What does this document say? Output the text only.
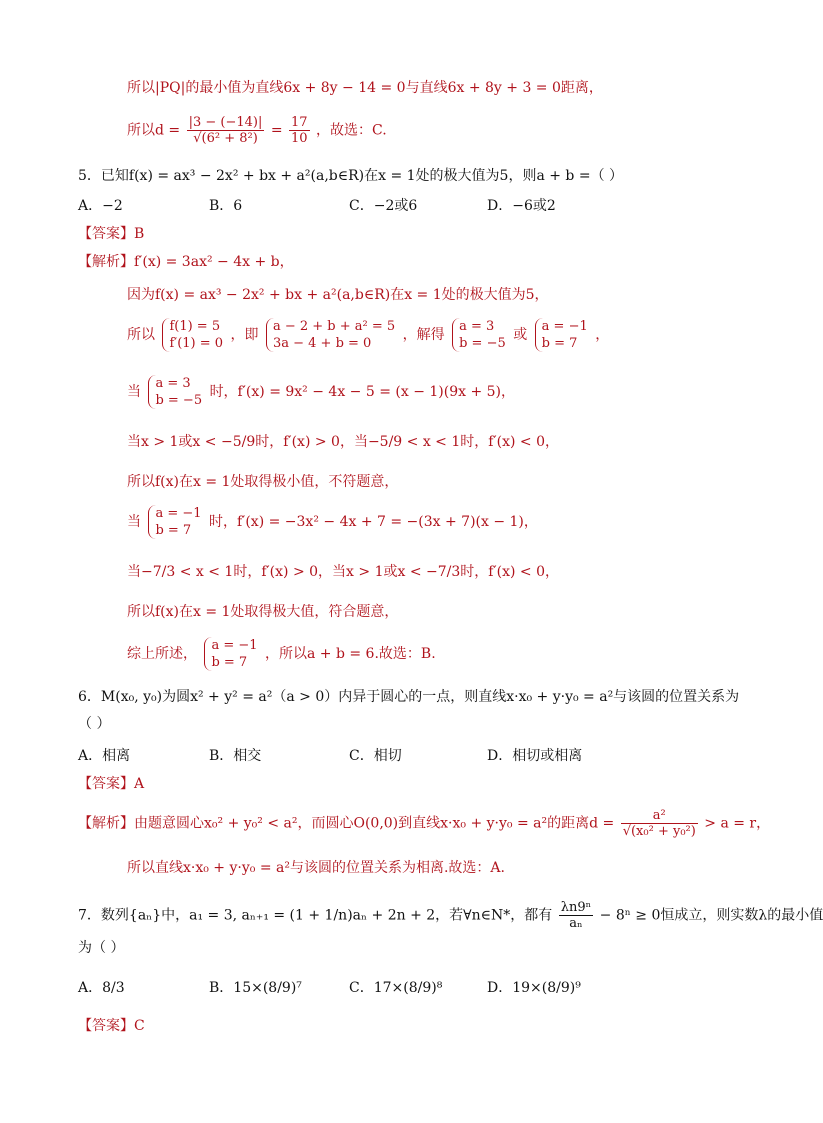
所以|PQ|的最小值为直线6x + 8y − 14 = 0与直线6x + 8y + 3 = 0距离，
所以$d = \frac{|3 - (-14)|}{\text{√(6² + 8²)}} = \frac{17}{10}$ ，故选：C.
5．已知f(x) = ax³ − 2x² + bx + a²(a,b∈R)在x = 1处的极大值为5，则a + b =（ ）
A．−2	B．6	C．−2或6	D．−6或2
【答案】B
【解析】f′(x) = 3ax² − 4x + b，
因为f(x) = ax³ − 2x² + bx + a²(a,b∈R)在x = 1处的极大值为5，
所以
f(1) = 5
f′(1) = 0
，即
a − 2 + b + a² = 5
3a − 4 + b = 0
，解得
a = 3
b = −5
或
a = −1
b = 7
，
当
a = 3
b = −5
时，f′(x) = 9x² − 4x − 5 = (x − 1)(9x + 5)，
当x > 1或x < −5/9时，f′(x) > 0，当−5/9 < x < 1时，f′(x) < 0，
所以f(x)在x = 1处取得极小值，不符题意，
当
a = −1
b = 7
时，f′(x) = −3x² − 4x + 7 = −(3x + 7)(x − 1)，
当−7/3 < x < 1时，f′(x) > 0，当x > 1或x < −7/3时，f′(x) < 0，
所以f(x)在x = 1处取得极大值，符合题意，
综上所述，
a = −1
b = 7
，所以a + b = 6.故选：B.
6．M(x₀, y₀)为圆x² + y² = a²（a > 0）内异于圆心的一点，则直线x·x₀ + y·y₀ = a²与该圆的位置关系为
（ ）
A．相离	B．相交	C．相切	D．相切或相离
【答案】A
【解析】由题意圆心x₀² + y₀² < a²，而圆心O(0,0)到直线x·x₀ + y·y₀ = a²的距离$d = \frac{\text{a²}}{\text{√(x₀² + y₀²)}} > a = r$，
所以直线x·x₀ + y·y₀ = a²与该圆的位置关系为相离.故选：A.
7．数列{aₙ}中，a₁ = 3, aₙ₊₁ = (1 + 1/n)aₙ + 2n + 2，若∀n∈N*，都有 $\frac{\text{λn9ⁿ}}{\text{aₙ}} - 8^n \ge 0$恒成立，则实数λ的最小值
为（ ）
A．8/3	B．15×(8/9)⁷	C．17×(8/9)⁸	D．19×(8/9)⁹
【答案】C
